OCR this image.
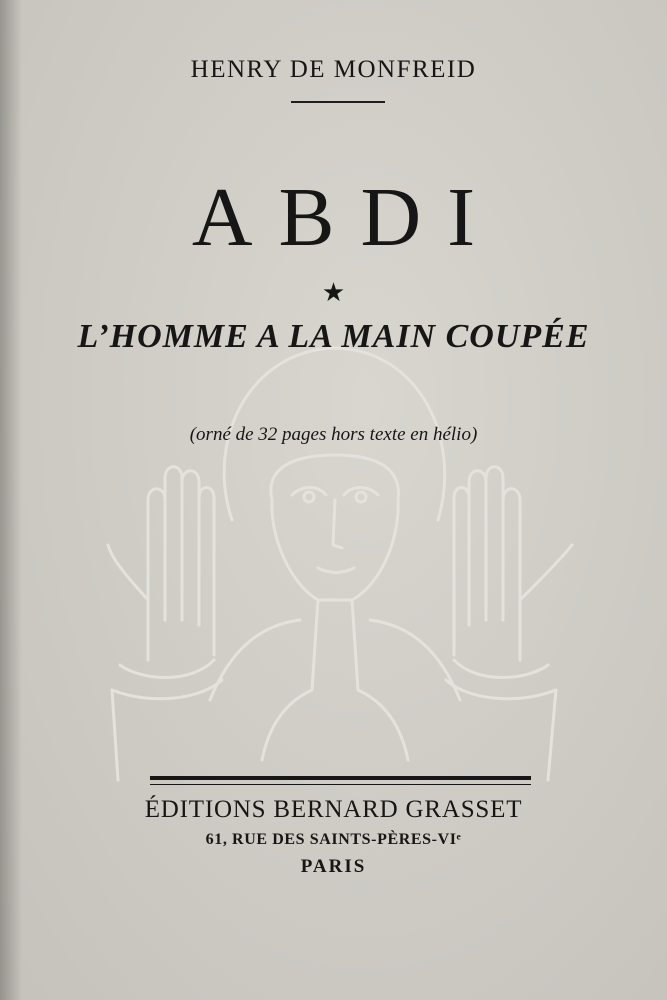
HENRY DE MONFREID
ABDI
★
L’HOMME A LA MAIN COUPÉE
(orné de 32 pages hors texte en hélio)
ÉDITIONS BERNARD GRASSET
61, RUE DES SAINTS-PÈRES-VIᵉ
PARIS
